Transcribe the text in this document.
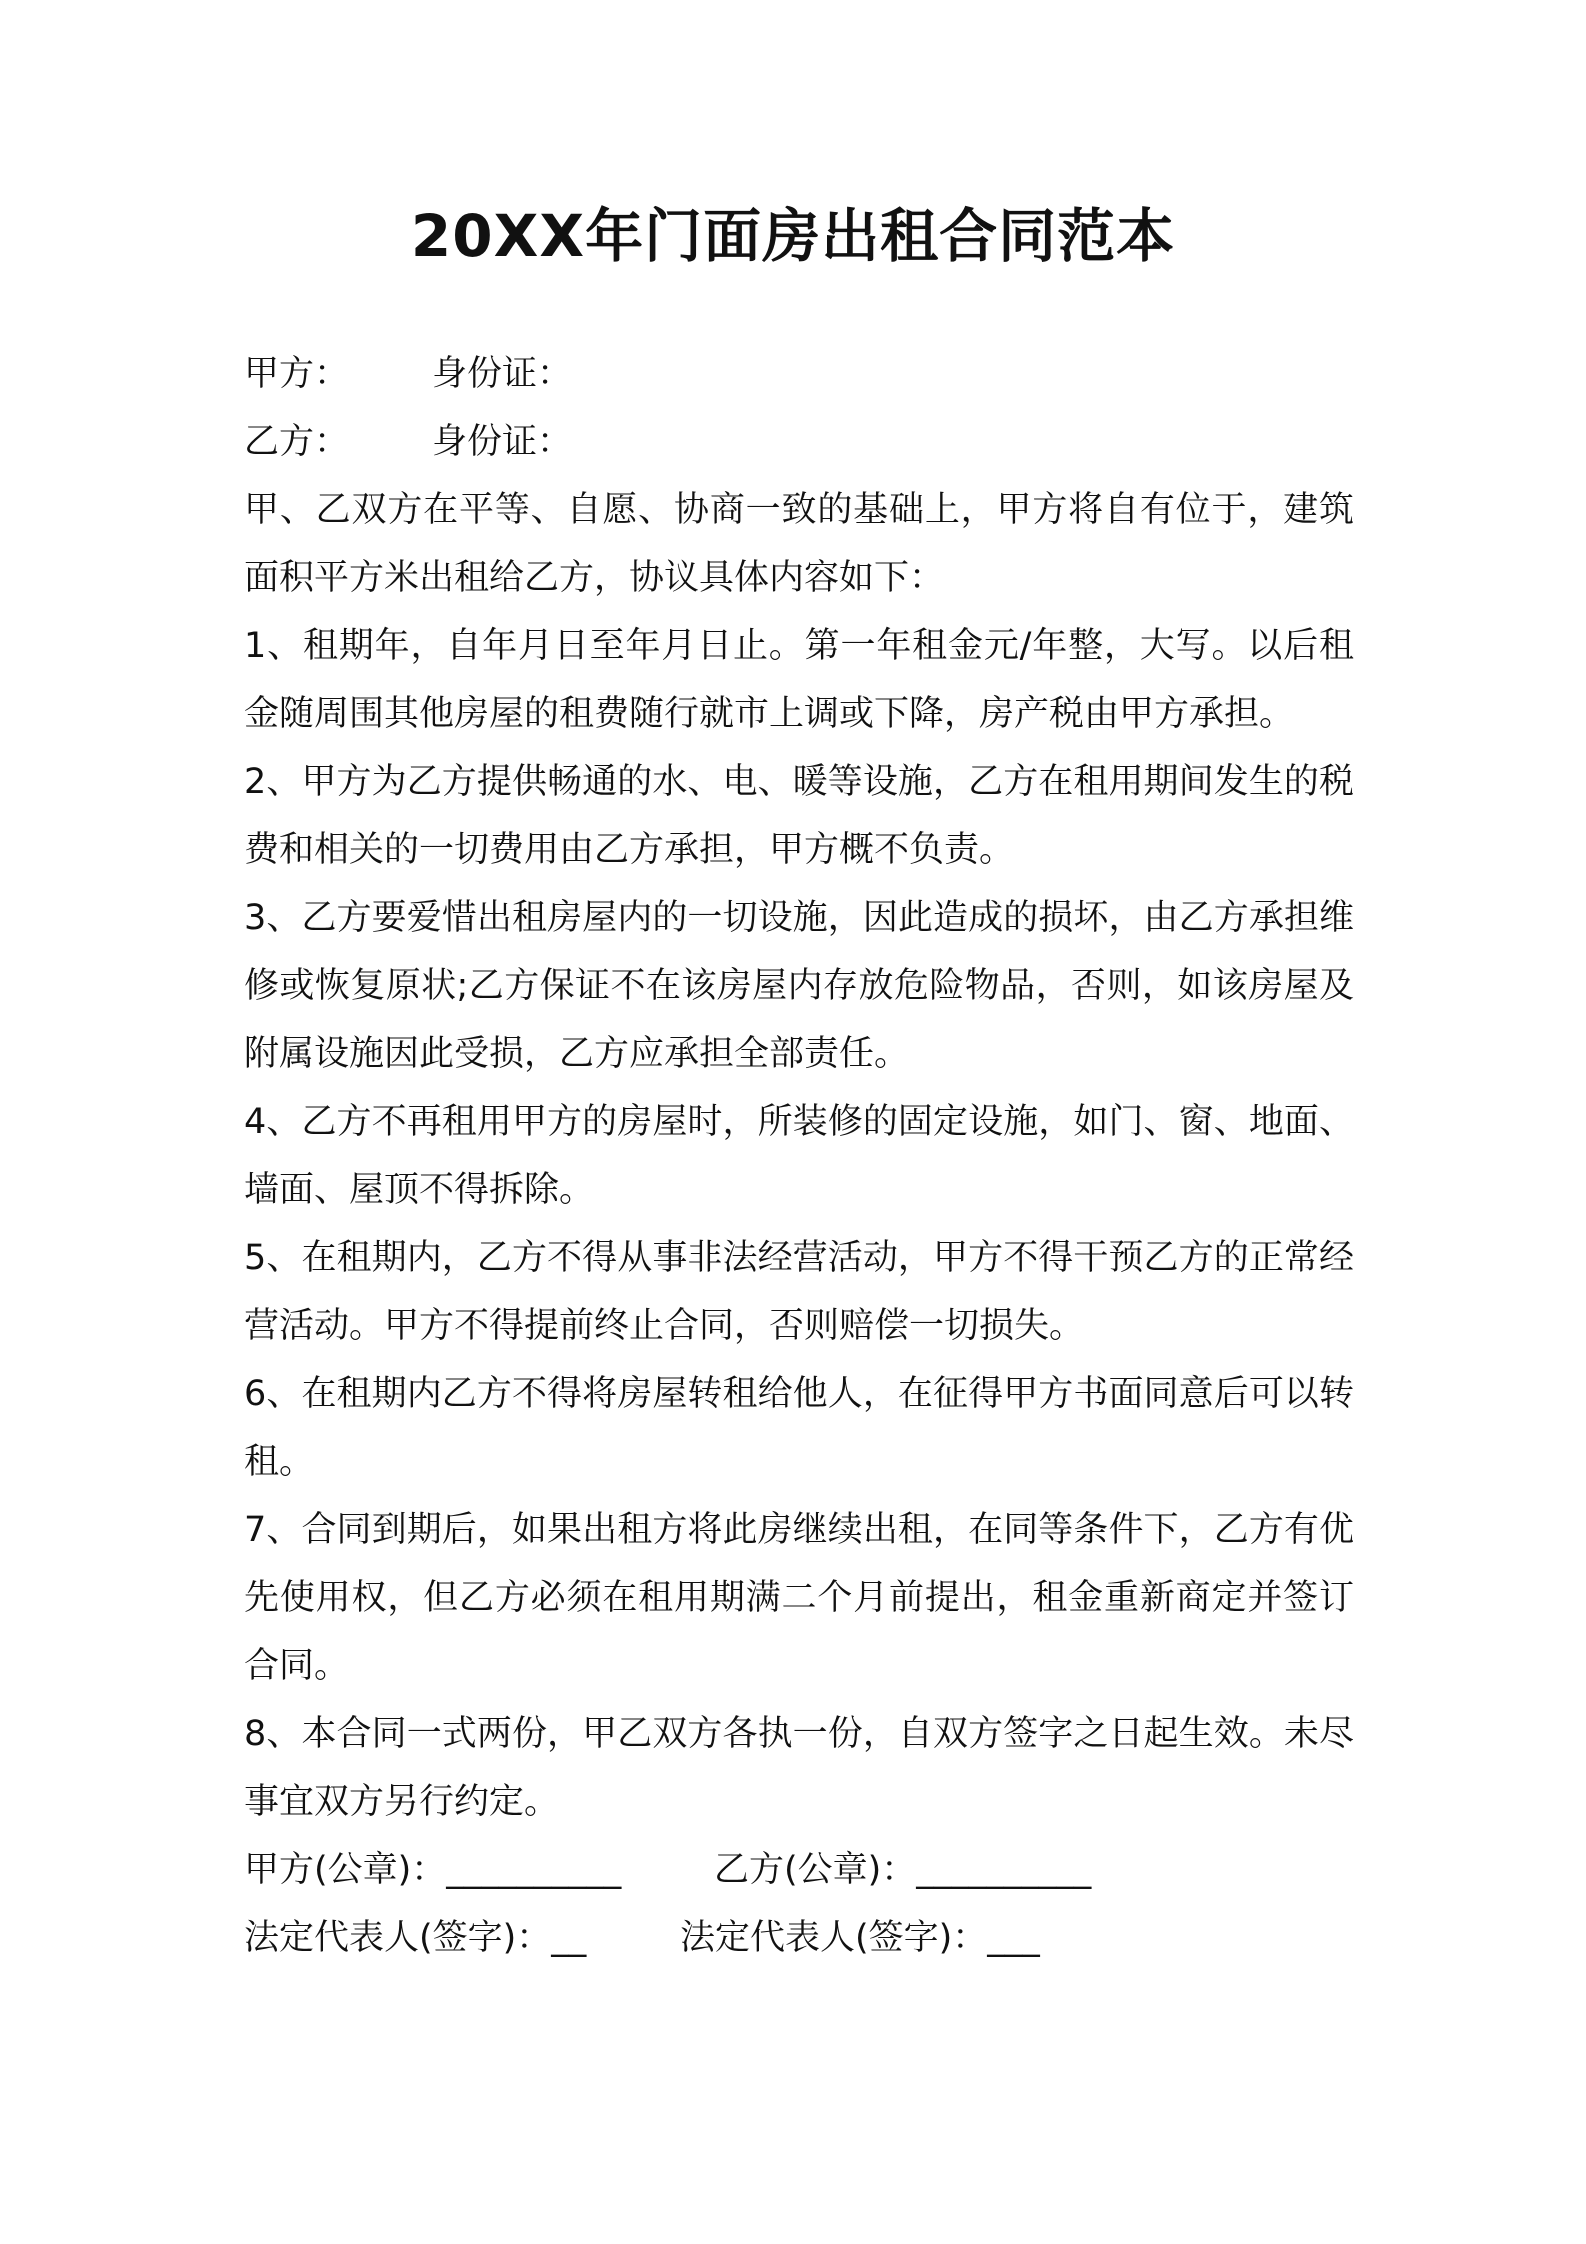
20XX年门面房出租合同范本
甲方： 身份证：
乙方： 身份证：
甲、乙双方在平等、自愿、协商一致的基础上，甲方将自有位于，建筑面积平方米出租给乙方，协议具体内容如下：
1、租期年，自年月日至年月日止。第一年租金元/年整，大写。以后租金随周围其他房屋的租费随行就市上调或下降，房产税由甲方承担。
2、甲方为乙方提供畅通的水、电、暖等设施，乙方在租用期间发生的税费和相关的一切费用由乙方承担，甲方概不负责。
3、乙方要爱惜出租房屋内的一切设施，因此造成的损坏，由乙方承担维修或恢复原状;乙方保证不在该房屋内存放危险物品，否则，如该房屋及附属设施因此受损，乙方应承担全部责任。
4、乙方不再租用甲方的房屋时，所装修的固定设施，如门、窗、地面、墙面、屋顶不得拆除。
5、在租期内，乙方不得从事非法经营活动，甲方不得干预乙方的正常经营活动。甲方不得提前终止合同，否则赔偿一切损失。
6、在租期内乙方不得将房屋转租给他人，在征得甲方书面同意后可以转租。
7、合同到期后，如果出租方将此房继续出租，在同等条件下，乙方有优先使用权，但乙方必须在租用期满二个月前提出，租金重新商定并签订合同。
8、本合同一式两份，甲乙双方各执一份，自双方签字之日起生效。未尽事宜双方另行约定。
甲方(公章)：__________	乙方(公章)：__________
法定代表人(签字)：__	法定代表人(签字)：___
